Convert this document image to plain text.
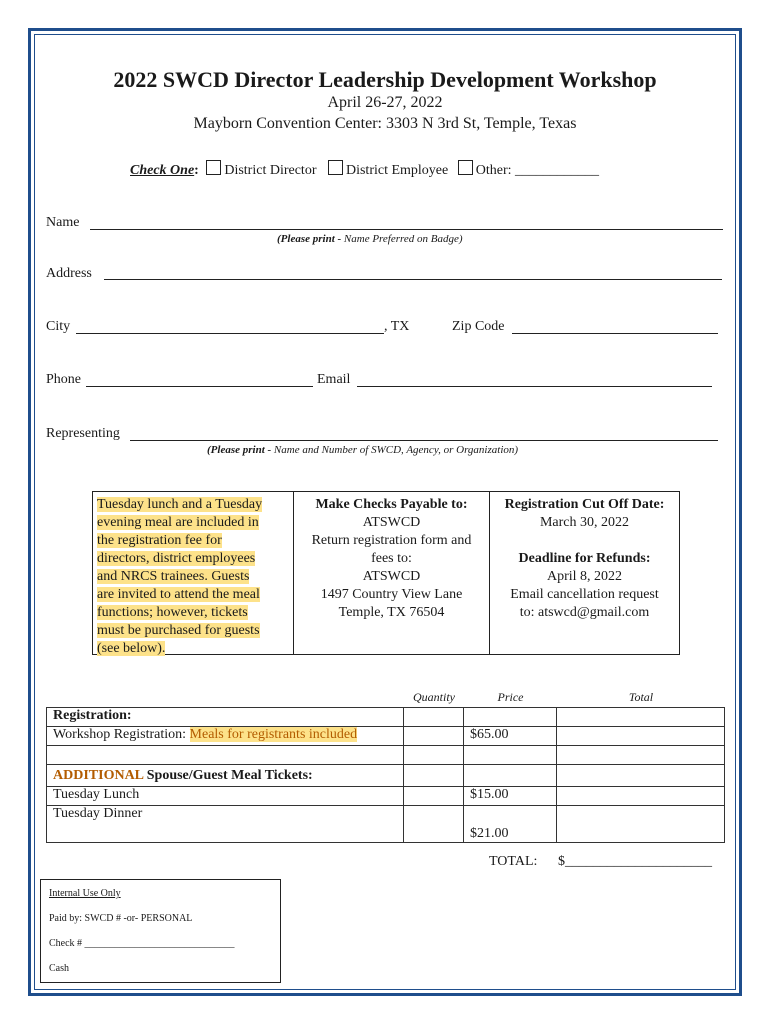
2022 SWCD Director Leadership Development Workshop
April 26-27, 2022
Mayborn Convention Center: 3303 N 3rd St, Temple, Texas
Check One: District Director District Employee Other: ____________
Name
(Please print - Name Preferred on Badge)
Address
City	, TX	Zip Code
Phone	Email
Representing
(Please print - Name and Number of SWCD, Agency, or Organization)
Tuesday lunch and a Tuesday
evening meal are included in
the registration fee for
directors, district employees
and NRCS trainees. Guests
are invited to attend the meal
functions; however, tickets
must be purchased for guests
(see below).
Make Checks Payable to:
ATSWCD
Return registration form and
fees to:
ATSWCD
1497 Country View Lane
Temple, TX 76504
Registration Cut Off Date:
March 30, 2022

Deadline for Refunds:
April 8, 2022
Email cancellation request
to: atswcd@gmail.com
Quantity	Price	Total
Registration:			
Workshop Registration: Meals for registrants included		$65.00	

ADDITIONAL Spouse/Guest Meal Tickets:			
Tuesday Lunch		$15.00	
Tuesday Dinner		$21.00	
TOTAL: $_____________________
Internal Use Only
Paid by: SWCD # -or- PERSONAL
Check # ______________________________
Cash
